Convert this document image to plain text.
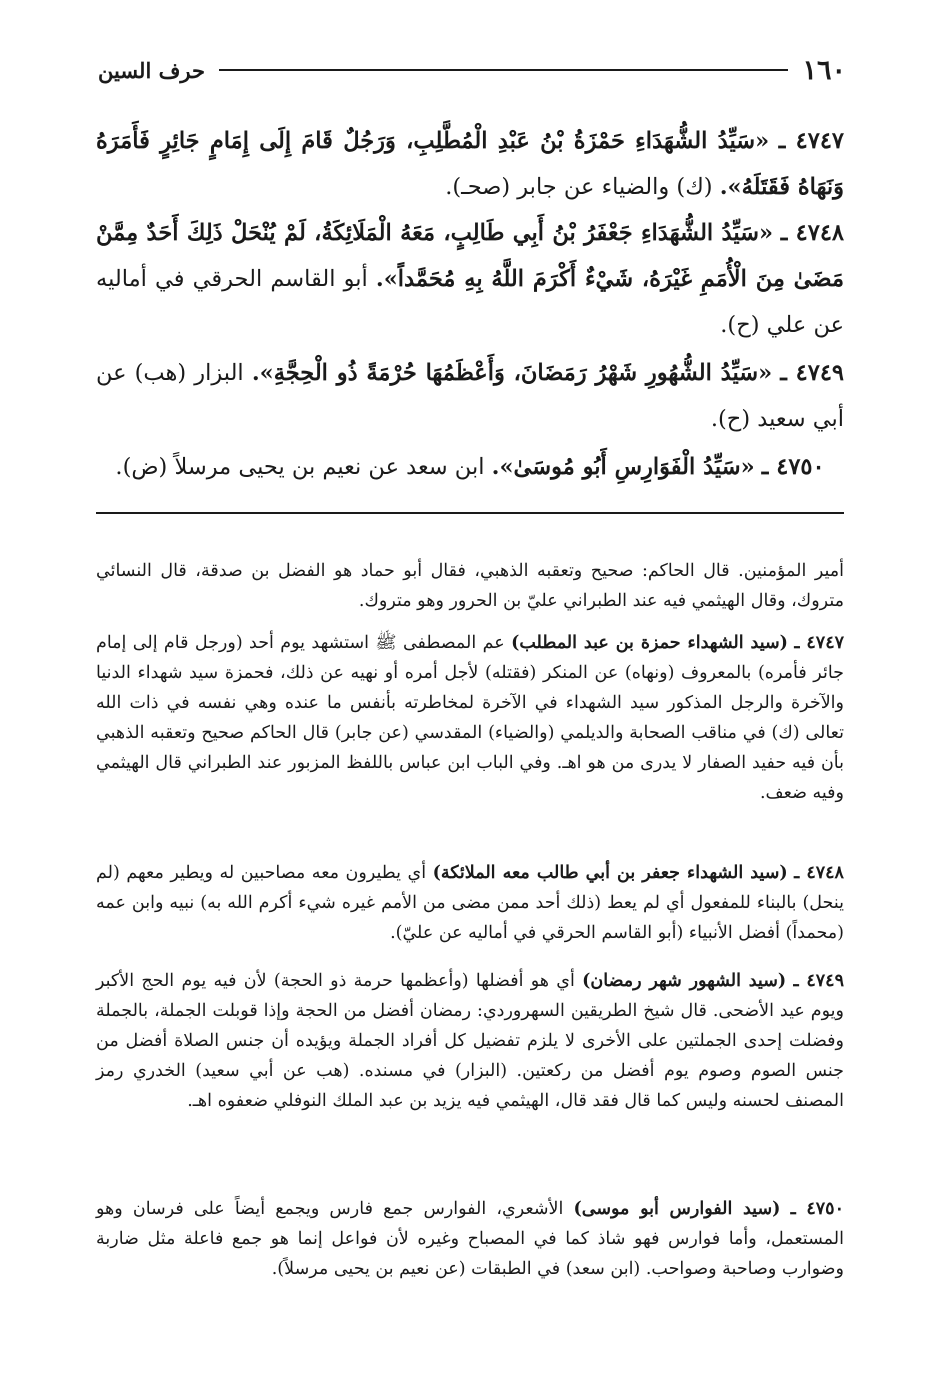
١٦٠
حرف السين

٤٧٤٧ ـ «سَيِّدُ الشُّهَدَاءِ حَمْزَةُ بْنُ عَبْدِ الْمُطَّلِبِ، وَرَجُلٌ قَامَ إِلَى إِمَامٍ جَائِرٍ فَأَمَرَهُ وَنَهَاهُ فَقَتَلَهُ». (ك) والضياء عن جابر (صحـ).

٤٧٤٨ ـ «سَيِّدُ الشُّهَدَاءِ جَعْفَرُ بْنُ أَبِي طَالِبٍ، مَعَهُ الْمَلَائِكَةُ، لَمْ يُنْحَلْ ذَلِكَ أَحَدٌ مِمَّنْ مَضَىٰ مِنَ الْأُمَمِ غَيْرَهُ، شَيْءٌ أَكْرَمَ اللَّهُ بِهِ مُحَمَّداً». أبو القاسم الحرقي في أماليه عن علي (ح).

٤٧٤٩ ـ «سَيِّدُ الشُّهُورِ شَهْرُ رَمَضَانَ، وَأَعْظَمُهَا حُرْمَةً ذُو الْحِجَّةِ». البزار (هب) عن أبي سعيد (ح).

٤٧٥٠ ـ «سَيِّدُ الْفَوَارِسِ أَبُو مُوسَىٰ». ابن سعد عن نعيم بن يحيى مرسلاً (ض).

أمير المؤمنين. قال الحاكم: صحيح وتعقبه الذهبي، فقال أبو حماد هو الفضل بن صدقة، قال النسائي متروك، وقال الهيثمي فيه عند الطبراني عليّ بن الحرور وهو متروك.

٤٧٤٧ ـ (سيد الشهداء حمزة بن عبد المطلب) عم المصطفى ﷺ استشهد يوم أحد (ورجل قام إلى إمام جائر فأمره) بالمعروف (ونهاه) عن المنكر (فقتله) لأجل أمره أو نهيه عن ذلك، فحمزة سيد شهداء الدنيا والآخرة والرجل المذكور سيد الشهداء في الآخرة لمخاطرته بأنفس ما عنده وهي نفسه في ذات الله تعالى (ك) في مناقب الصحابة والديلمي (والضياء) المقدسي (عن جابر) قال الحاكم صحيح وتعقبه الذهبي بأن فيه حفيد الصفار لا يدرى من هو اهـ. وفي الباب ابن عباس باللفظ المزبور عند الطبراني قال الهيثمي وفيه ضعف.

٤٧٤٨ ـ (سيد الشهداء جعفر بن أبي طالب معه الملائكة) أي يطيرون معه مصاحبين له ويطير معهم (لم ينحل) بالبناء للمفعول أي لم يعط (ذلك أحد ممن مضى من الأمم غيره شيء أكرم الله به) نبيه وابن عمه (محمداً) أفضل الأنبياء (أبو القاسم الحرقي في أماليه عن عليّ).

٤٧٤٩ ـ (سيد الشهور شهر رمضان) أي هو أفضلها (وأعظمها حرمة ذو الحجة) لأن فيه يوم الحج الأكبر ويوم عيد الأضحى. قال شيخ الطريقين السهروردي: رمضان أفضل من الحجة وإذا قوبلت الجملة، بالجملة وفضلت إحدى الجملتين على الأخرى لا يلزم تفضيل كل أفراد الجملة ويؤيده أن جنس الصلاة أفضل من جنس الصوم وصوم يوم أفضل من ركعتين. (البزار) في مسنده. (هب عن أبي سعيد) الخدري رمز المصنف لحسنه وليس كما قال فقد قال، الهيثمي فيه يزيد بن عبد الملك النوفلي ضعفوه اهـ.

٤٧٥٠ ـ (سيد الفوارس أبو موسى) الأشعري، الفوارس جمع فارس ويجمع أيضاً على فرسان وهو المستعمل، وأما فوارس فهو شاذ كما في المصباح وغيره لأن فواعل إنما هو جمع فاعلة مثل ضاربة وضوارب وصاحبة وصواحب. (ابن سعد) في الطبقات (عن نعيم بن يحيى مرسلاً).
